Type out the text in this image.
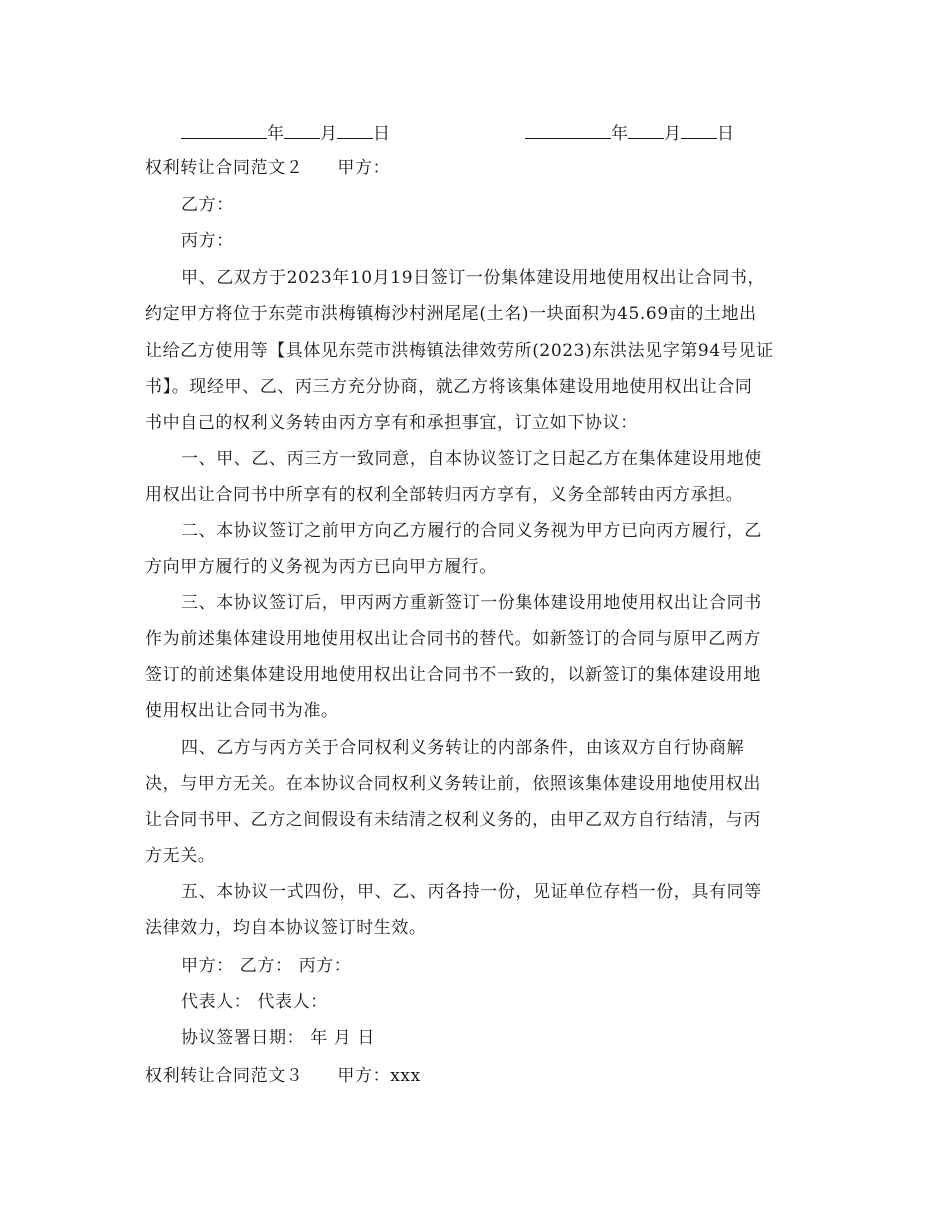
年 月 日	年 月 日
权利转让合同范文２ 甲方：
乙方：
丙方：
甲、乙双方于2023年10月19日签订一份集体建设用地使用权出让合同书，
约定甲方将位于东莞市洪梅镇梅沙村洲尾尾(土名)一块面积为45.69亩的土地出
让给乙方使用等【具体见东莞市洪梅镇法律效劳所(2023)东洪法见字第94号见证
书】。现经甲、乙、丙三方充分协商，就乙方将该集体建设用地使用权出让合同
书中自己的权利义务转由丙方享有和承担事宜，订立如下协议：
一、甲、乙、丙三方一致同意，自本协议签订之日起乙方在集体建设用地使
用权出让合同书中所享有的权利全部转归丙方享有，义务全部转由丙方承担。
二、本协议签订之前甲方向乙方履行的合同义务视为甲方已向丙方履行，乙
方向甲方履行的义务视为丙方已向甲方履行。
三、本协议签订后，甲丙两方重新签订一份集体建设用地使用权出让合同书
作为前述集体建设用地使用权出让合同书的替代。如新签订的合同与原甲乙两方
签订的前述集体建设用地使用权出让合同书不一致的，以新签订的集体建设用地
使用权出让合同书为准。
四、乙方与丙方关于合同权利义务转让的内部条件，由该双方自行协商解
决，与甲方无关。在本协议合同权利义务转让前，依照该集体建设用地使用权出
让合同书甲、乙方之间假设有未结清之权利义务的，由甲乙双方自行结清，与丙
方无关。
五、本协议一式四份，甲、乙、丙各持一份，见证单位存档一份，具有同等
法律效力，均自本协议签订时生效。
甲方： 乙方： 丙方：
代表人： 代表人：
协议签署日期： 年 月 日
权利转让合同范文３ 甲方：xxx
